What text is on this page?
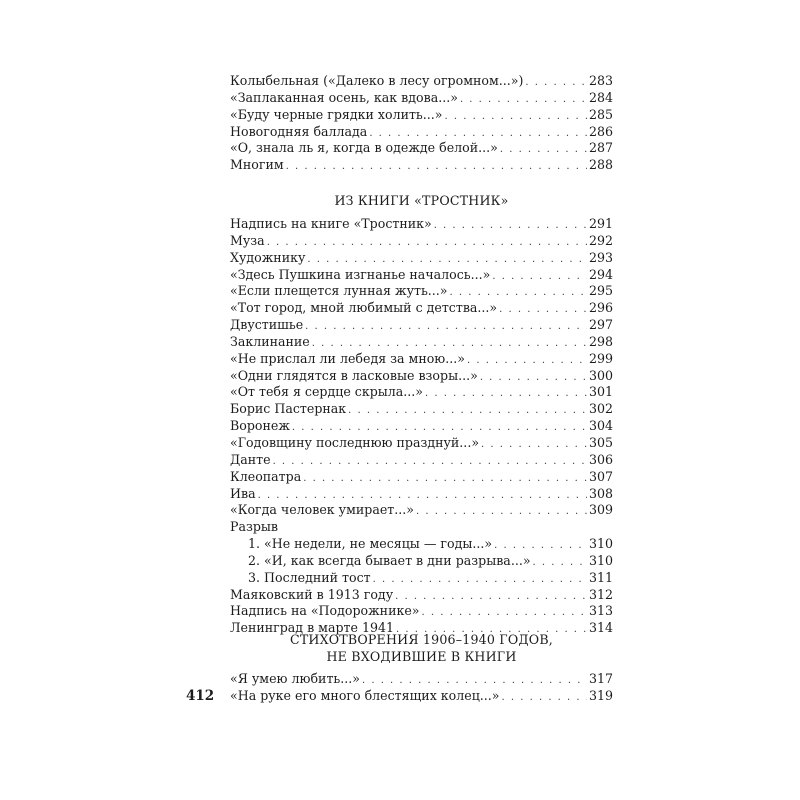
Колыбельная («Далеко в лесу огромном...») . . .	283
«Заплаканная осень, как вдова...» . . .	284
«Буду черные грядки холить...» . . .	285
Новогодняя баллада . . .	286
«О, знала ль я, когда в одежде белой...» . . .	287
Многим . . .	288
ИЗ КНИГИ «ТРОСТНИК»
Надпись на книге «Тростник» . . .	291
Муза . . .	292
Художнику . . .	293
«Здесь Пушкина изгнанье началось...» . . .	294
«Если плещется лунная жуть...» . . .	295
«Тот город, мной любимый с детства...» . . .	296
Двустишье . . .	297
Заклинание . . .	298
«Не прислал ли лебедя за мною...» . . .	299
«Одни глядятся в ласковые взоры...» . . .	300
«От тебя я сердце скрыла...» . . .	301
Борис Пастернак . . .	302
Воронеж . . .	304
«Годовщину последнюю празднуй...» . . .	305
Данте . . .	306
Клеопатра . . .	307
Ива . . .	308
«Когда человек умирает...» . . .	309
Разрыв
1. «Не недели, не месяцы — годы...» . . .	310
2. «И, как всегда бывает в дни разрыва...» . . .	310
3. Последний тост . . .	311
Маяковский в 1913 году . . .	312
Надпись на «Подорожнике» . . .	313
Ленинград в марте 1941 . . .	314
СТИХОТВОРЕНИЯ 1906–1940 ГОДОВ,
НЕ ВХОДИВШИЕ В КНИГИ
«Я умею любить...» . . .	317
«На руке его много блестящих колец...» . . .	319
412
